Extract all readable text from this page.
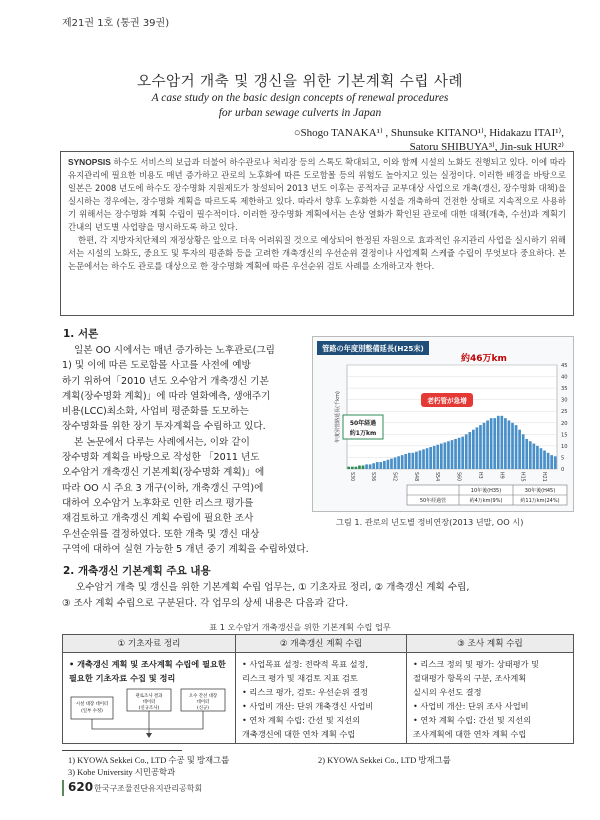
제21권 1호 (통권 39권)
오수암거 개축 및 갱신을 위한 기본계획 수립 사례
A case study on the basic design concepts of renewal procedures
for urban sewage culverts in Japan
○Shogo TANAKA¹⁾ , Shunsuke KITANO¹⁾, Hidakazu ITAI¹⁾,
Satoru SHIBUYA³⁾, Jin-suk HUR²⁾
SYNOPSIS 하수도 서비스의 보급과 더불어 하수관로나 처리장 등의 스톡도 확대되고, 이와 함께 시설의 노화도 진행되고 있다. 이에 따라 유지관리에 필요한 비용도 매년 증가하고 관로의 노후화에 따른 도로함몰 등의 위험도 높아지고 있는 실정이다. 이러한 배경을 바탕으로 일본은 2008 년도에 하수도 장수명화 지원제도가 창설되어 2013 년도 이후는 공적자금 교부대상 사업으로 개축(갱신, 장수명화 대책)을 실시하는 경우에는, 장수명화 계획을 따르도록 제한하고 있다. 따라서 향후 노후화한 시설을 개축하여 건전한 상태로 지속적으로 사용하기 위해서는 장수명화 계획 수립이 필수적이다. 이러한 장수명화 계획에서는 손상 열화가 확인된 관로에 대한 대책(개축, 수선)과 계획기간내의 년도별 사업량을 명시하도록 하고 있다.
한편, 각 지방자치단체의 재정상황은 앞으로 더욱 어려워질 것으로 예상되어 한정된 자원으로 효과적인 유지관리 사업을 실시하기 위해서는 시설의 노화도, 중요도 및 투자의 평준화 등을 고려한 개축갱신의 우선순위 결정이나 사업계획 스케쥴 수립이 무엇보다 중요하다. 본 논문에서는 하수도 관로를 대상으로 한 장수명화 계획에 따른 우선순위 검토 사례를 소개하고자 한다.
1. 서론
일본 OO 시에서는 매년 증가하는 노후관로(그림
1) 및 이에 따른 도로함몰 사고를 사전에 예방
하기 위하여「2010 년도 오수암거 개축갱신 기본
계획(장수명화 계획)」에 따라 열화예측, 생애주기
비용(LCC)최소화, 사업비 평준화를 도모하는
장수명화를 위한 장기 투자계획을 수립하고 있다.
본 논문에서 다루는 사례에서는, 이와 같이
장수명화 계획을 바탕으로 작성한 「2011 년도
오수암거 개축갱신 기본계획(장수명화 계획)」에
따라 OO 시 주요 3 개구(이하, 개축갱신 구역)에
대하여 오수암거 노후화로 인한 리스크 평가를
재검토하고 개축갱신 계획 수립에 필요한 조사
우선순위를 결정하였다. 또한 개축 및 갱신 대상
구역에 대하여 실현 가능한 5 개년 중기 계획을 수립하였다.
管路の年度別整備延長(H25末)
0
5
10
15
20
25
30
35
40
45
年度別管路延長(千km)
S30	S36	S42	S48	S54	S60	H3	H9	H15	H21
約46万km
老朽管が急増
50年経過
約1万km
10年後(H35)	30年後(H45)
50年経過管	約4万km(9%)	約11万km(24%)
그림 1. 관로의 년도별 정비연장(2013 년말, OO 시)
2. 개축갱신 기본계획 주요 내용
오수암거 개축 및 갱신을 위한 기본계획 수립 업무는, ① 기초자료 정리, ② 개축갱신 계획 수립,
③ 조사 계획 수립으로 구분된다. 각 업무의 상세 내용은 다음과 같다.
표 1 오수암거 개축갱신을 위한 기본계획 수립 업무
① 기초자료 정리
• 개축갱신 계획 및 조사계획 수립에 필요한
필요한 기초자료 수집 및 정리
시설 대장 데이터
(일부 수정)
관로조사 결과
데이터
(신규조사)
오수 간선 대장
데이터
(신규)
② 개축갱신 계획 수립
• 사업목표 설정: 전략적 목표 설정,
리스크 평가 및 재검토 지표 검토
• 리스크 평가, 검토: 우선순위 결정
• 사업비 개산: 단위 개축갱신 사업비
• 연차 계획 수립: 간선 및 지선의
개축갱신에 대한 연차 계획 수립
③ 조사 계획 수립
• 리스크 정의 및 평가: 상태평가 및
절대평가 항목의 구분, 조사계획
실시의 우선도 결정
• 사업비 개산: 단위 조사 사업비
• 연차 계획 수립: 간선 및 지선의
조사계획에 대한 연차 계획 수립
1) KYOWA Sekkei Co., LTD 수공 및 방재그룹	2) KYOWA Sekkei Co., LTD 방재그룹
3) Kobe University 시민공학과
620 한국구조물진단유지관리공학회
